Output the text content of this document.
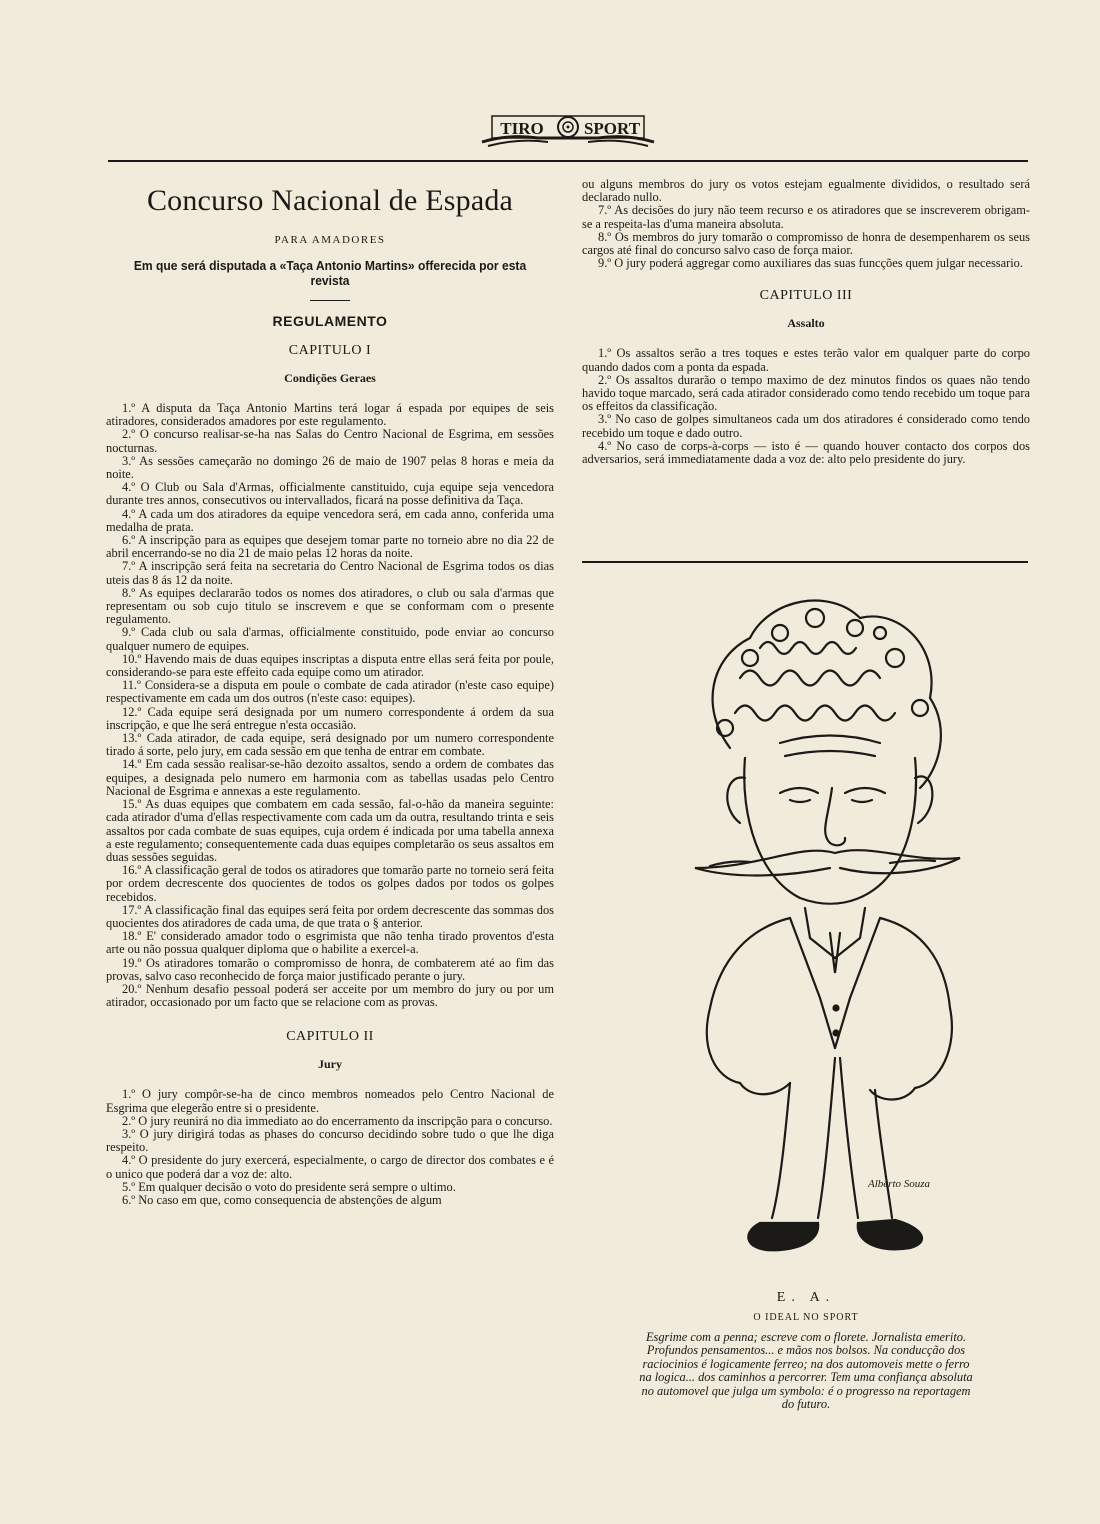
TIRO SPORT
Concurso Nacional de Espada
PARA AMADORES
Em que será disputada a «Taça Antonio Martins» offerecida por esta revista
REGULAMENTO
CAPITULO I
Condições Geraes

1.º A disputa da Taça Antonio Martins terá logar á espada por equipes de seis atiradores, considerados amadores por este regulamento.

2.º O concurso realisar-se-ha nas Salas do Centro Nacional de Esgrima, em sessões nocturnas.

3.º As sessões cameçarão no domingo 26 de maio de 1907 pelas 8 horas e meia da noite.

4.º O Club ou Sala d'Armas, officialmente canstituido, cuja equipe seja vencedora durante tres annos, consecutivos ou intervallados, ficará na posse definitiva da Taça.

4.º A cada um dos atiradores da equipe vencedora será, em cada anno, conferida uma medalha de prata.

6.º A inscripção para as equipes que desejem tomar parte no torneio abre no dia 22 de abril encerrando-se no dia 21 de maio pelas 12 horas da noite.

7.º A inscripção será feita na secretaria do Centro Nacional de Esgrima todos os dias uteis das 8 ás 12 da noite.

8.º As equipes declararão todos os nomes dos atiradores, o club ou sala d'armas que representam ou sob cujo titulo se inscrevem e que se conformam com o presente regulamento.

9.º Cada club ou sala d'armas, officialmente constituido, pode enviar ao concurso qualquer numero de equipes.

10.º Havendo mais de duas equipes inscriptas a disputa entre ellas será feita por poule, considerando-se para este effeito cada equipe como um atirador.

11.º Considera-se a disputa em poule o combate de cada atirador (n'este caso equipe) respectivamente em cada um dos outros (n'este caso: equipes).

12.º Cada equipe será designada por um numero correspondente á ordem da sua inscripção, e que lhe será entregue n'esta occasião.

13.º Cada atirador, de cada equipe, será designado por um numero correspondente tirado á sorte, pelo jury, em cada sessão em que tenha de entrar em combate.

14.º Em cada sessão realisar-se-hão dezoito assaltos, sendo a ordem de combates das equipes, a designada pelo numero em harmonia com as tabellas usadas pelo Centro Nacional de Esgrima e annexas a este regulamento.

15.º As duas equipes que combatem em cada sessão, fal-o-hão da maneira seguinte: cada atirador d'uma d'ellas respectivamente com cada um da outra, resultando trinta e seis assaltos por cada combate de suas equipes, cuja ordem é indicada por uma tabella annexa a este regulamento; consequentemente cada duas equipes completarão os seus assaltos em duas sessões seguidas.

16.º A classificação geral de todos os atiradores que tomarão parte no torneio será feita por ordem decrescente dos quocientes de todos os golpes dados por todos os golpes recebidos.

17.º A classificação final das equipes será feita por ordem decrescente das sommas dos quocientes dos atiradores de cada uma, de que trata o § anterior.

18.º E' considerado amador todo o esgrimista que não tenha tirado proventos d'esta arte ou não possua qualquer diploma que o habilite a exercel-a.

19.º Os atiradores tomarão o compromisso de honra, de combaterem até ao fim das provas, salvo caso reconhecido de força maior justificado perante o jury.

20.º Nenhum desafio pessoal poderá ser acceite por um membro do jury ou por um atirador, occasionado por um facto que se relacione com as provas.

CAPITULO II
Jury

1.º O jury compôr-se-ha de cinco membros nomeados pelo Centro Nacional de Esgrima que elegerão entre si o presidente.

2.º O jury reunirá no dia immediato ao do encerramento da inscripção para o concurso.

3.º O jury dirigirá todas as phases do concurso decidindo sobre tudo o que lhe diga respeito.

4.º O presidente do jury exercerá, especialmente, o cargo de director dos combates e é o unico que poderá dar a voz de: alto.

5.º Em qualquer decisão o voto do presidente será sempre o ultimo.

6.º No caso em que, como consequencia de abstenções de algum

ou alguns membros do jury os votos estejam egualmente divididos, o resultado será declarado nullo.

7.º As decisões do jury não teem recurso e os atiradores que se inscreverem obrigam-se a respeita-las d'uma maneira absoluta.

8.º Os membros do jury tomarão o compromisso de honra de desempenharem os seus cargos até final do concurso salvo caso de força maior.

9.º O jury poderá aggregar como auxiliares das suas funcções quem julgar necessario.

CAPITULO III
Assalto

1.º Os assaltos serão a tres toques e estes terão valor em qualquer parte do corpo quando dados com a ponta da espada.

2.º Os assaltos durarão o tempo maximo de dez minutos findos os quaes não tendo havido toque marcado, será cada atirador considerado como tendo recebido um toque para os effeitos da classificação.

3.º No caso de golpes simultaneos cada um dos atiradores é considerado como tendo recebido um toque e dado outro.

4.º No caso de corps-à-corps — isto é — quando houver contacto dos corpos dos adversarios, será immediatamente dada a voz de: alto pelo presidente do jury.

Alberto Souza
E. A.
O IDEAL NO SPORT

Esgrime com a penna; escreve com o florete. Jornalista emerito. Profundos pensamentos... e mãos nos bolsos. Na conducção dos raciocinios é logicamente ferreo; na dos automoveis mette o ferro na logica... dos caminhos a percorrer. Tem uma confiança absoluta no automovel que julga um symbolo: é o progresso na reportagem do futuro.
